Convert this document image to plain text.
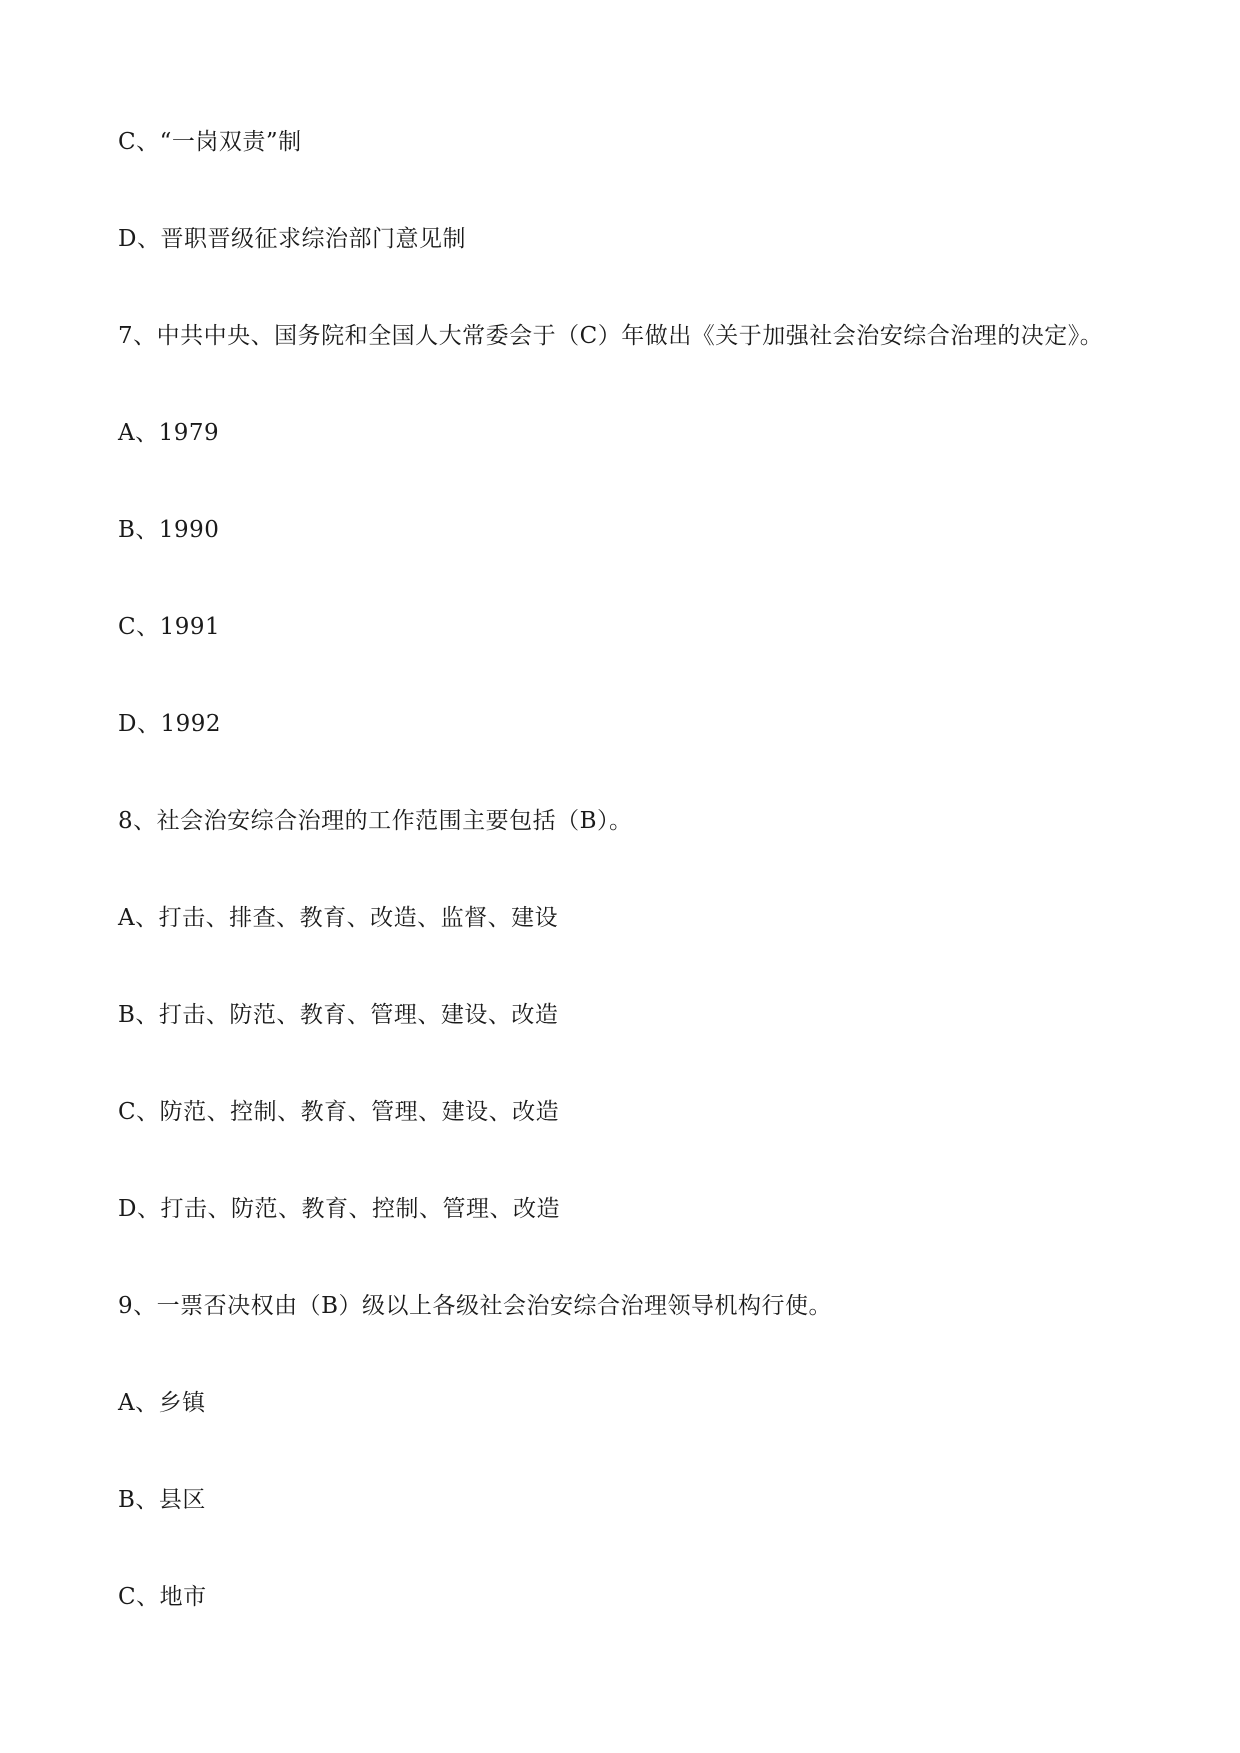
C、“一岗双责”制
D、晋职晋级征求综治部门意见制
7、中共中央、国务院和全国人大常委会于（C）年做出《关于加强社会治安综合治理的决定》。
A、1979
B、1990
C、1991
D、1992
8、社会治安综合治理的工作范围主要包括（B）。
A、打击、排查、教育、改造、监督、建设
B、打击、防范、教育、管理、建设、改造
C、防范、控制、教育、管理、建设、改造
D、打击、防范、教育、控制、管理、改造
9、一票否决权由（B）级以上各级社会治安综合治理领导机构行使。
A、乡镇
B、县区
C、地市
